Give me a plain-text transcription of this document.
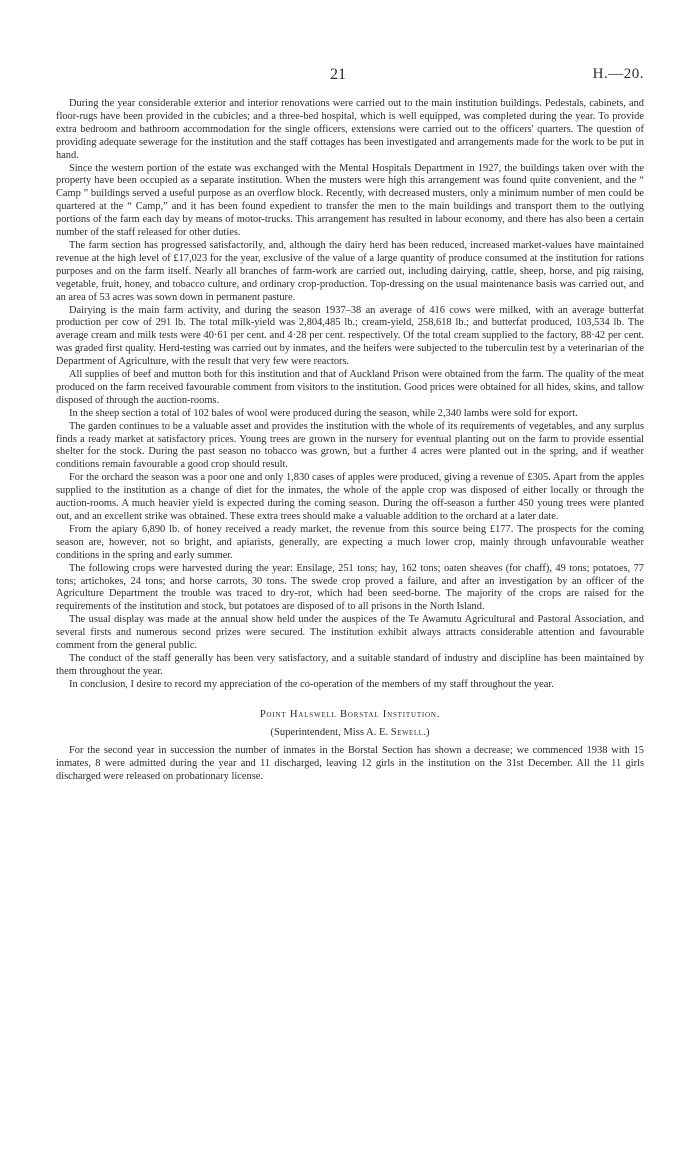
21	H.—20.

During the year considerable exterior and interior renovations were carried out to the main institution buildings. Pedestals, cabinets, and floor-rugs have been provided in the cubicles; and a three-bed hospital, which is well equipped, was completed during the year. To provide extra bedroom and bathroom accommodation for the single officers, extensions were carried out to the officers' quarters. The question of providing adequate sewerage for the institution and the staff cottages has been investigated and arrangements made for the work to be put in hand.

Since the western portion of the estate was exchanged with the Mental Hospitals Department in 1927, the buildings taken over with the property have been occupied as a separate institution. When the musters were high this arrangement was found quite convenient, and the “ Camp ” buildings served a useful purpose as an overflow block. Recently, with decreased musters, only a minimum number of men could be quartered at the “ Camp,” and it has been found expedient to transfer the men to the main buildings and transport them to the outlying portions of the farm each day by means of motor-trucks. This arrangement has resulted in labour economy, and there has also been a certain number of the staff released for other duties.

The farm section has progressed satisfactorily, and, although the dairy herd has been reduced, increased market-values have maintained revenue at the high level of £17,023 for the year, exclusive of the value of a large quantity of produce consumed at the institution for rations purposes and on the farm itself. Nearly all branches of farm-work are carried out, including dairying, cattle, sheep, horse, and pig raising, vegetable, fruit, honey, and tobacco culture, and ordinary crop-production. Top-dressing on the usual maintenance basis was carried out, and an area of 53 acres was sown down in permanent pasture.

Dairying is the main farm activity, and during the season 1937–38 an average of 416 cows were milked, with an average butterfat production per cow of 291 lb. The total milk-yield was 2,804,485 lb.; cream-yield, 258,618 lb.; and butterfat produced, 103,534 lb. The average cream and milk tests were 40·61 per cent. and 4·28 per cent. respectively. Of the total cream supplied to the factory, 88·42 per cent. was graded first quality. Herd-testing was carried out by inmates, and the heifers were subjected to the tuberculin test by a veterinarian of the Department of Agriculture, with the result that very few were reactors.

All supplies of beef and mutton both for this institution and that of Auckland Prison were obtained from the farm. The quality of the meat produced on the farm received favourable comment from visitors to the institution. Good prices were obtained for all hides, skins, and tallow disposed of through the auction-rooms.

In the sheep section a total of 102 bales of wool were produced during the season, while 2,340 lambs were sold for export.

The garden continues to be a valuable asset and provides the institution with the whole of its requirements of vegetables, and any surplus finds a ready market at satisfactory prices. Young trees are grown in the nursery for eventual planting out on the farm to provide essential shelter for the stock. During the past season no tobacco was grown, but a further 4 acres were planted out in the spring, and if weather conditions remain favourable a good crop should result.

For the orchard the season was a poor one and only 1,830 cases of apples were produced, giving a revenue of £305. Apart from the apples supplied to the institution as a change of diet for the inmates, the whole of the apple crop was disposed of either locally or through the auction-rooms. A much heavier yield is expected during the coming season. During the off-season a further 450 young trees were planted out, and an excellent strike was obtained. These extra trees should make a valuable addition to the orchard at a later date.

From the apiary 6,890 lb. of honey received a ready market, the revenue from this source being £177. The prospects for the coming season are, however, not so bright, and apiarists, generally, are expecting a much lower crop, mainly through unfavourable weather conditions in the spring and early summer.

The following crops were harvested during the year: Ensilage, 251 tons; hay, 162 tons; oaten sheaves (for chaff), 49 tons; potatoes, 77 tons; artichokes, 24 tons; and horse carrots, 30 tons. The swede crop proved a failure, and after an investigation by an officer of the Agriculture Department the trouble was traced to dry-rot, which had been seed-borne. The majority of the crops are raised for the requirements of the institution and stock, but potatoes are disposed of to all prisons in the North Island.

The usual display was made at the annual show held under the auspices of the Te Awamutu Agricultural and Pastoral Association, and several firsts and numerous second prizes were secured. The institution exhibit always attracts considerable attention and favourable comment from the general public.

The conduct of the staff generally has been very satisfactory, and a suitable standard of industry and discipline has been maintained by them throughout the year.

In conclusion, I desire to record my appreciation of the co-operation of the members of my staff throughout the year.

Point Halswell Borstal Institution.
(Superintendent, Miss A. E. Sewell.)

For the second year in succession the number of inmates in the Borstal Section has shown a decrease; we commenced 1938 with 15 inmates, 8 were admitted during the year and 11 discharged, leaving 12 girls in the institution on the 31st December. All the 11 girls discharged were released on probationary license.
